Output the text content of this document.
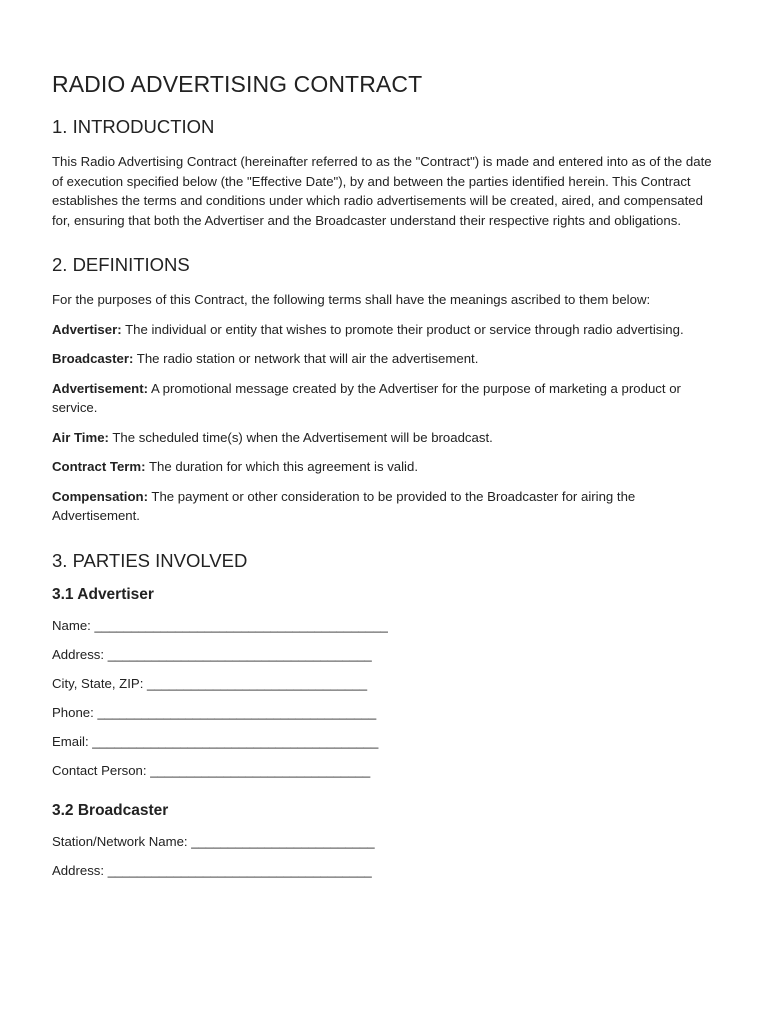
RADIO ADVERTISING CONTRACT
1. INTRODUCTION

This Radio Advertising Contract (hereinafter referred to as the "Contract") is made and entered into as of the date of execution specified below (the "Effective Date"), by and between the parties identified herein. This Contract establishes the terms and conditions under which radio advertisements will be created, aired, and compensated for, ensuring that both the Advertiser and the Broadcaster understand their respective rights and obligations.

2. DEFINITIONS

For the purposes of this Contract, the following terms shall have the meanings ascribed to them below:

Advertiser: The individual or entity that wishes to promote their product or service through radio advertising.

Broadcaster: The radio station or network that will air the advertisement.

Advertisement: A promotional message created by the Advertiser for the purpose of marketing a product or service.

Air Time: The scheduled time(s) when the Advertisement will be broadcast.

Contract Term: The duration for which this agreement is valid.

Compensation: The payment or other consideration to be provided to the Broadcaster for airing the Advertisement.

3. PARTIES INVOLVED
3.1 Advertiser
Name: ________________________________________
Address: ____________________________________
City, State, ZIP: ______________________________
Phone: ______________________________________
Email: _______________________________________
Contact Person: ______________________________
3.2 Broadcaster
Station/Network Name: _________________________
Address: ____________________________________
